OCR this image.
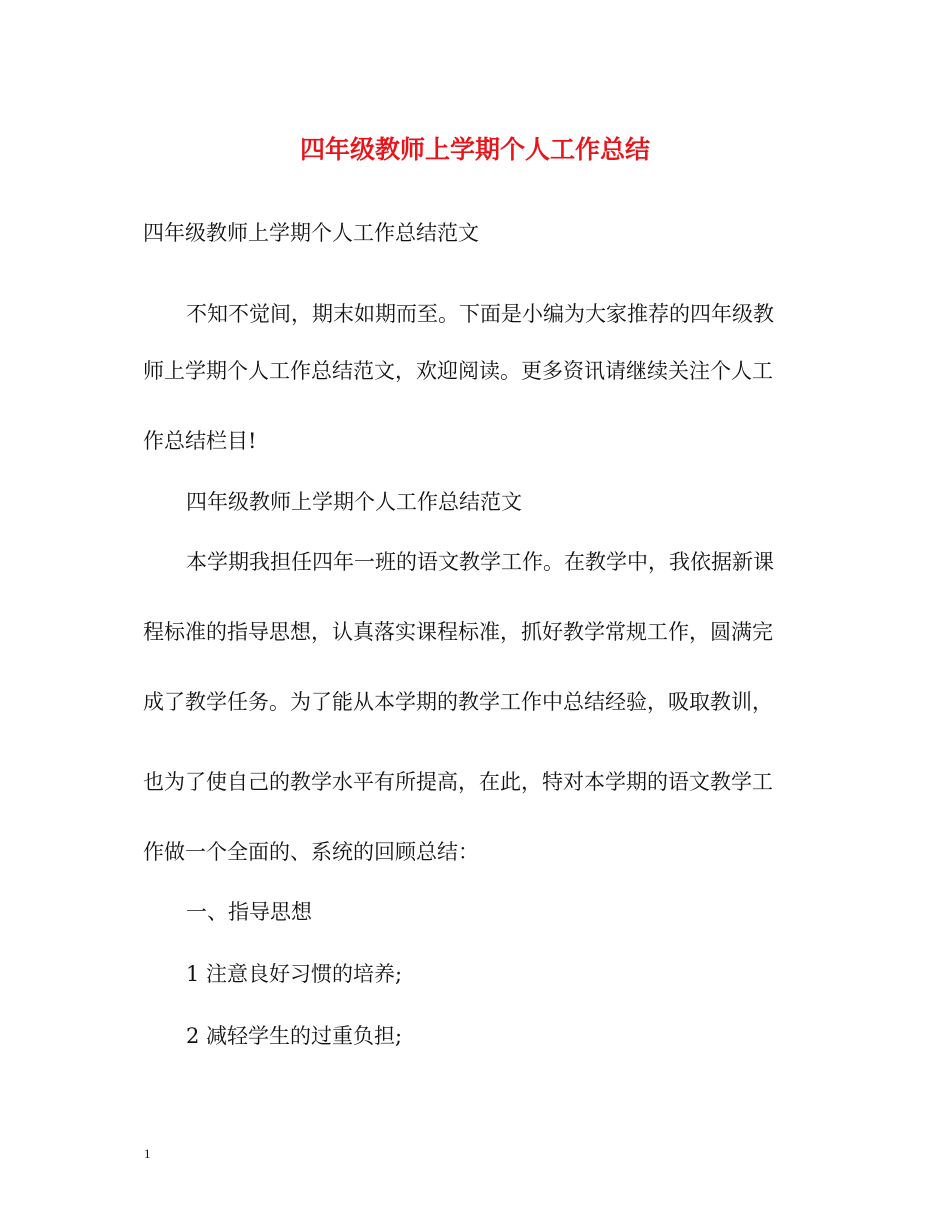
四年级教师上学期个人工作总结
四年级教师上学期个人工作总结范文
不知不觉间，期末如期而至。下面是小编为大家推荐的四年级教
师上学期个人工作总结范文，欢迎阅读。更多资讯请继续关注个人工
作总结栏目!
四年级教师上学期个人工作总结范文
本学期我担任四年一班的语文教学工作。在教学中，我依据新课
程标准的指导思想，认真落实课程标准，抓好教学常规工作，圆满完
成了教学任务。为了能从本学期的教学工作中总结经验，吸取教训，
也为了使自己的教学水平有所提高，在此，特对本学期的语文教学工
作做一个全面的、系统的回顾总结：
一、指导思想
1 注意良好习惯的培养;
2 减轻学生的过重负担;
1
